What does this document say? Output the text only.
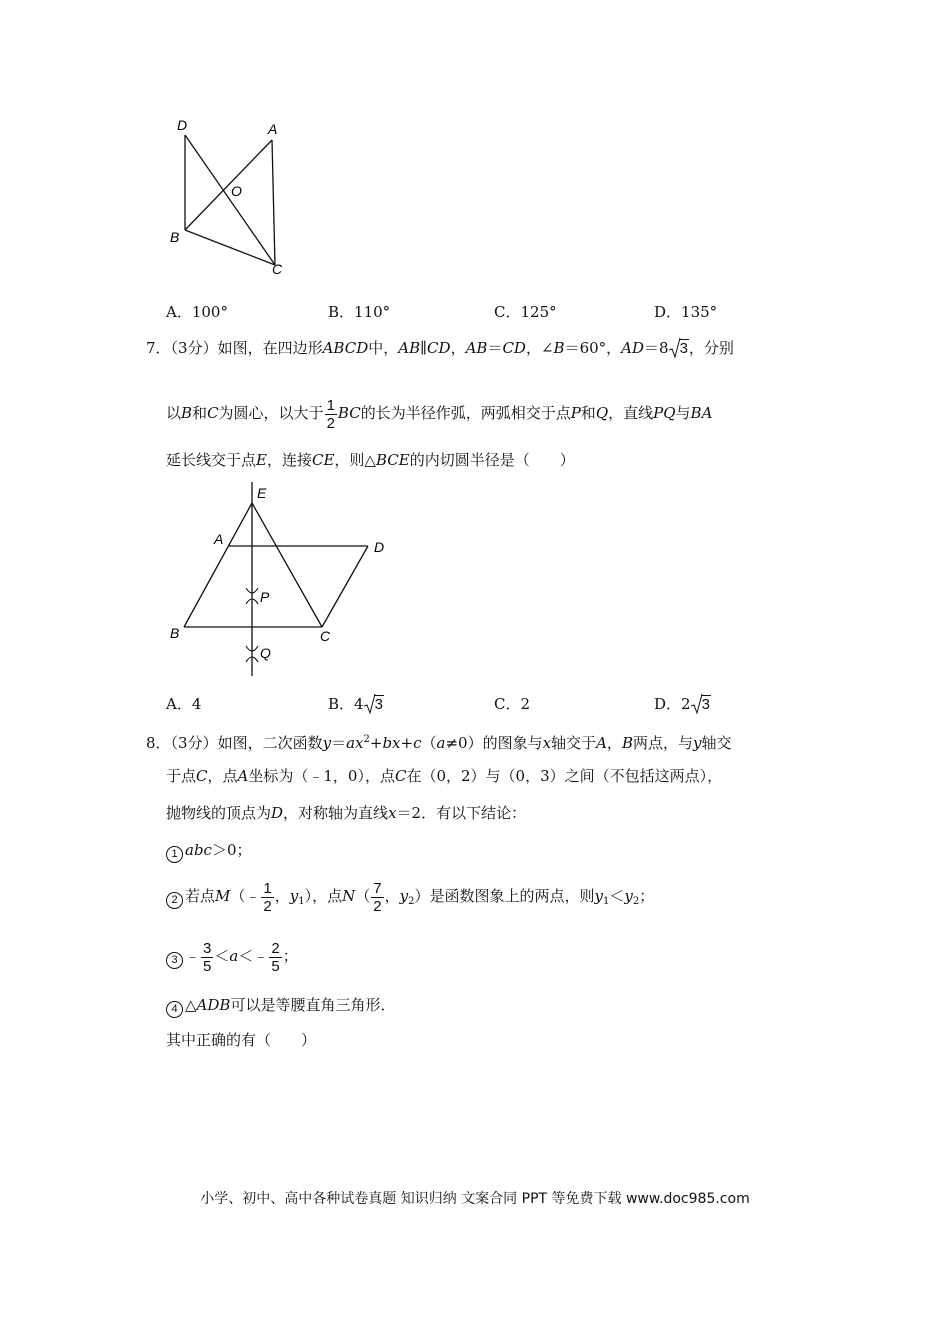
D	A
O
B
C
A．100°	B．110°	C．125°	D．135°
7．（3分）如图，在四边形ABCD中，AB∥CD，AB＝CD，∠B＝60°，AD＝8 3，分别
以B和C为圆心，以大于 $\frac{1}{2}$ BC的长为半径作弧，两弧相交于点P和Q，直线PQ与BA
延长线交于点E，连接CE，则△BCE的内切圆半径是（　　）
E
A	D
P
B	C
Q
A．4	B．4 3	C．2	D．2 3
8．（3分）如图，二次函数$y=ax^2+bx+c(a\ne 0)$的图象与x轴交于A，B两点，与y轴交
于点C，点A坐标为（﹣1，0），点C在（0，2）与（0，3）之间（不包括这两点），
抛物线的顶点为D，对称轴为直线x＝2．有以下结论：
1 abc＞0；
2 若点M（﹣ $\frac{1}{2}$ ，$y_1$），点$N( \frac{7}{2}$ ，$y_2$）是函数图象上的两点，则$y_1<y_2$；
3 ﹣ $\frac{3}{5}$ ＜a＜﹣ $\frac{2}{5}$ ；
4 △ADB可以是等腰直角三角形．
其中正确的有（　　）
小学、初中、高中各种试卷真题 知识归纳 文案合同 PPT 等免费下载 www.doc985.com
